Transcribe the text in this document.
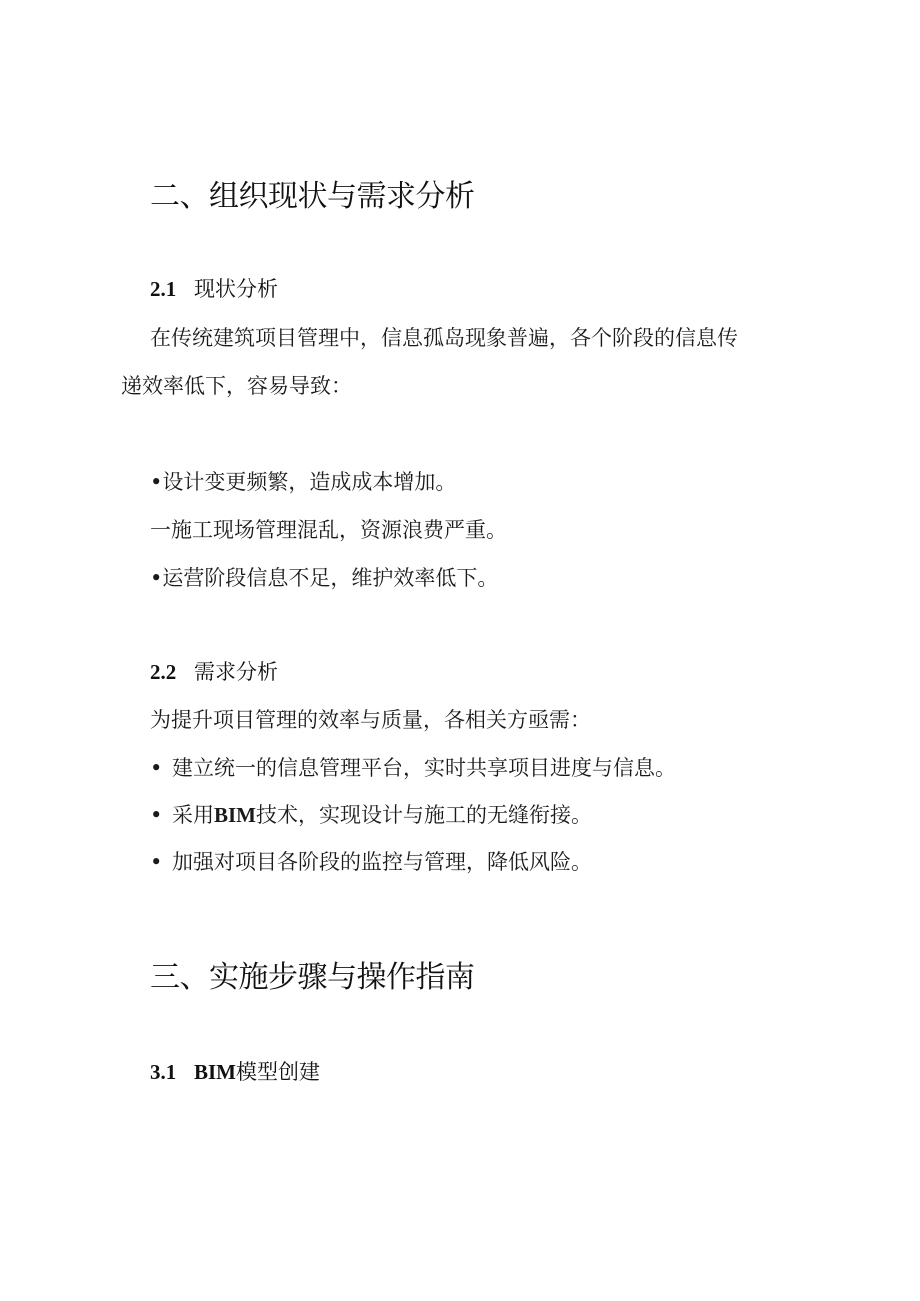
二、组织现状与需求分析
2.1 现状分析
在传统建筑项目管理中，信息孤岛现象普遍，各个阶段的信息传
递效率低下，容易导致：
•设计变更频繁，造成成本增加。
一施工现场管理混乱，资源浪费严重。
•运营阶段信息不足，维护效率低下。
2.2 需求分析
为提升项目管理的效率与质量，各相关方亟需：
• 建立统一的信息管理平台，实时共享项目进度与信息。
• 采用BIM技术，实现设计与施工的无缝衔接。
• 加强对项目各阶段的监控与管理，降低风险。
三、实施步骤与操作指南
3.1 BIM模型创建
